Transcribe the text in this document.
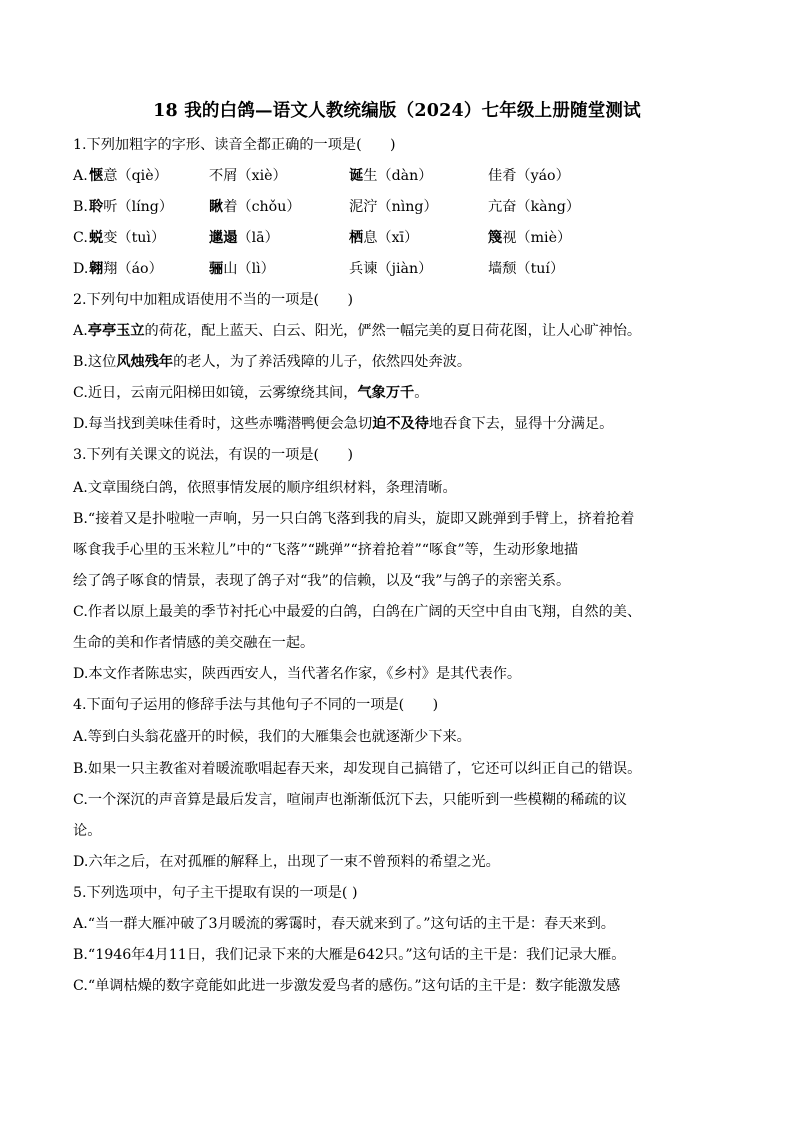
18 我的白鸽—语文人教统编版（2024）七年级上册随堂测试
1.下列加粗字的字形、读音全都正确的一项是(　　)
A. 惬意（qiè）	不屑（xiè）	诞生（dàn）	佳肴（yáo）
B. 聆听（líng）	瞅着（chǒu）	泥泞（nìng）	亢奋（kàng）
C. 蜕变（tuì）	邋遢（lā）	栖息（xī）	篾视（miè）
D. 翱翔（áo）	骊山（lì）	兵谏（jiàn）	墙颓（tuí）
2.下列句中加粗成语使用不当的一项是(　　)
A.亭亭玉立的荷花，配上蓝天、白云、阳光，俨然一幅完美的夏日荷花图，让人心旷神怡。
B.这位风烛残年的老人，为了养活残障的儿子，依然四处奔波。
C.近日，云南元阳梯田如镜，云雾缭绕其间，气象万千。
D.每当找到美味佳肴时，这些赤嘴潜鸭便会急切迫不及待地吞食下去，显得十分满足。
3.下列有关课文的说法，有误的一项是(　　)
A.文章围绕白鸽，依照事情发展的顺序组织材料，条理清晰。
B.“接着又是扑啦啦一声响，另一只白鸽飞落到我的肩头，旋即又跳弹到手臂上，挤着抢着
啄食我手心里的玉米粒儿”中的“飞落”“跳弹”“挤着抢着”“啄食”等，生动形象地描
绘了鸽子啄食的情景，表现了鸽子对“我”的信赖，以及“我”与鸽子的亲密关系。
C.作者以原上最美的季节衬托心中最爱的白鸽，白鸽在广阔的天空中自由飞翔，自然的美、
生命的美和作者情感的美交融在一起。
D.本文作者陈忠实，陕西西安人，当代著名作家，《乡村》是其代表作。
4.下面句子运用的修辞手法与其他句子不同的一项是(　　)
A.等到白头翁花盛开的时候，我们的大雁集会也就逐渐少下来。
B.如果一只主教雀对着暖流歌唱起春天来，却发现自己搞错了，它还可以纠正自己的错误。
C.一个深沉的声音算是最后发言，喧闹声也渐渐低沉下去，只能听到一些模糊的稀疏的议
论。
D.六年之后，在对孤雁的解释上，出现了一束不曾预料的希望之光。
5.下列选项中，句子主干提取有误的一项是( )
A.“当一群大雁冲破了3月暖流的雾霭时，春天就来到了。”这句话的主干是：春天来到。
B.“1946年4月11日，我们记录下来的大雁是642只。”这句话的主干是：我们记录大雁。
C.“单调枯燥的数字竟能如此进一步激发爱鸟者的感伤。”这句话的主干是：数字能激发感
